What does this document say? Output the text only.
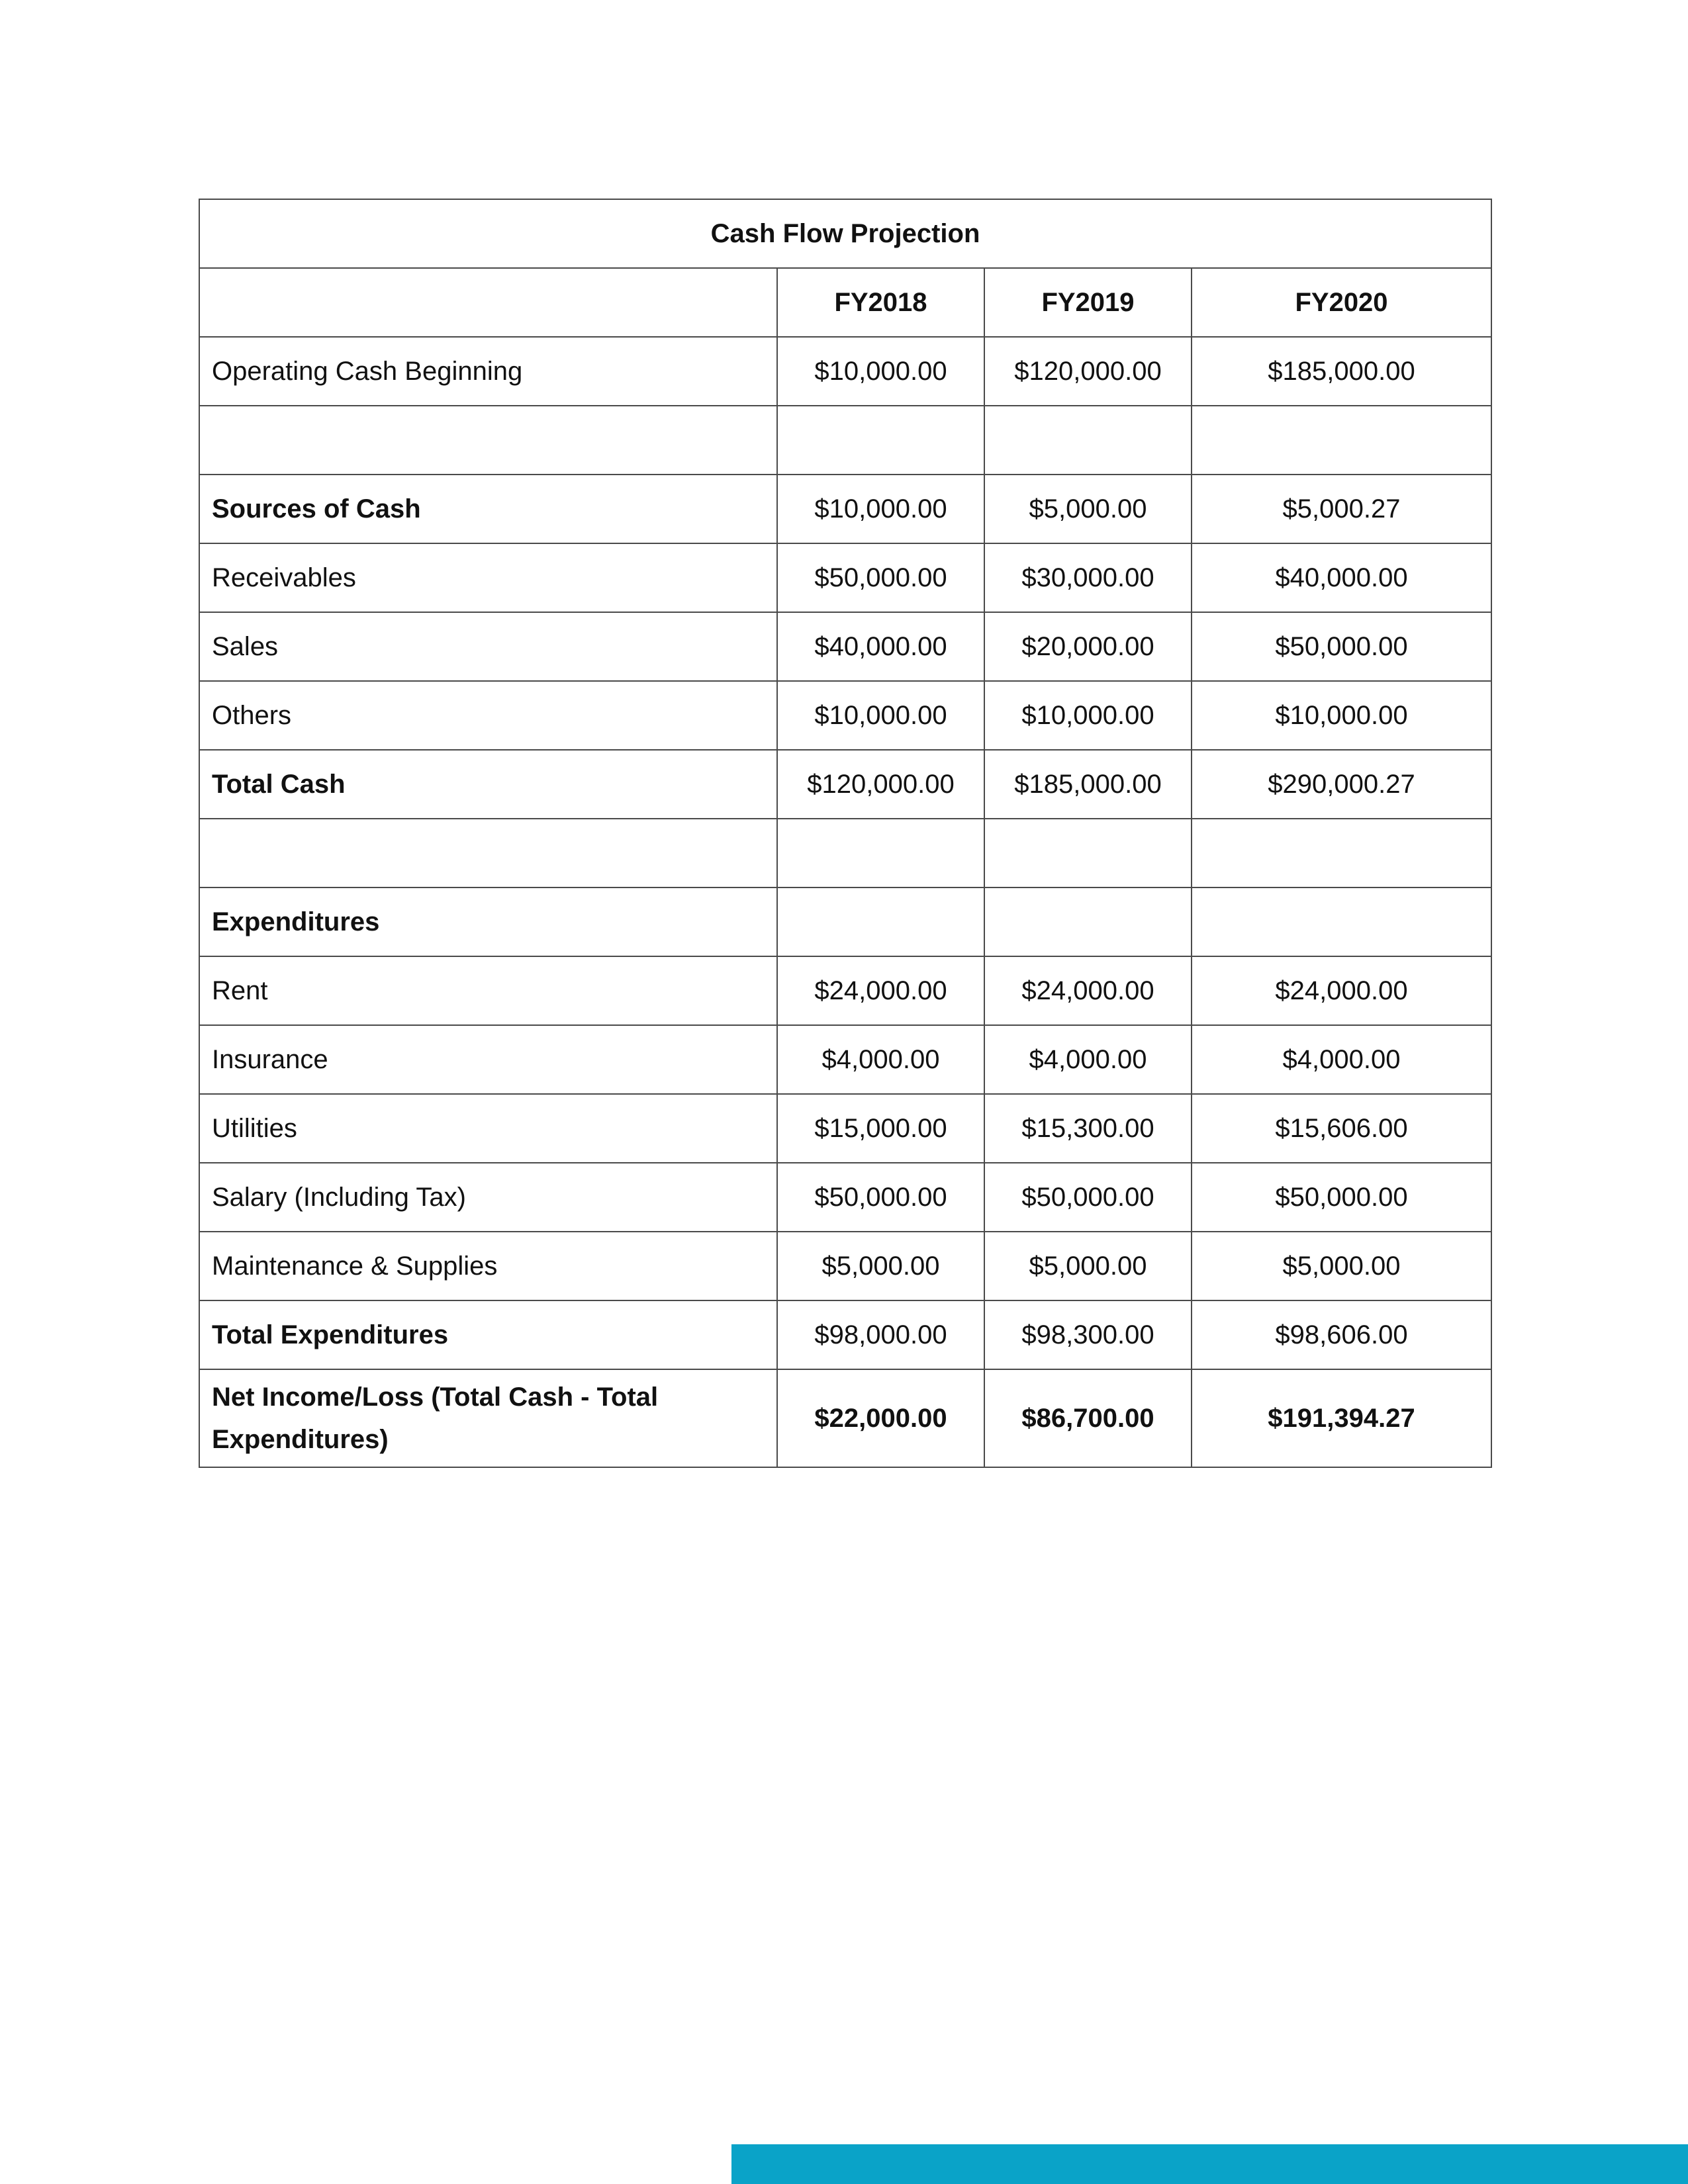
Cash Flow Projection			
	FY2018	FY2019	FY2020
Operating Cash Beginning	$10,000.00	$120,000.00	$185,000.00

Sources of Cash	$10,000.00	$5,000.00	$5,000.27
Receivables	$50,000.00	$30,000.00	$40,000.00
Sales	$40,000.00	$20,000.00	$50,000.00
Others	$10,000.00	$10,000.00	$10,000.00
Total Cash	$120,000.00	$185,000.00	$290,000.27

Expenditures			
Rent	$24,000.00	$24,000.00	$24,000.00
Insurance	$4,000.00	$4,000.00	$4,000.00
Utilities	$15,000.00	$15,300.00	$15,606.00
Salary (Including Tax)	$50,000.00	$50,000.00	$50,000.00
Maintenance & Supplies	$5,000.00	$5,000.00	$5,000.00
Total Expenditures	$98,000.00	$98,300.00	$98,606.00
Net Income/Loss (Total Cash - Total Expenditures)	$22,000.00	$86,700.00	$191,394.27
